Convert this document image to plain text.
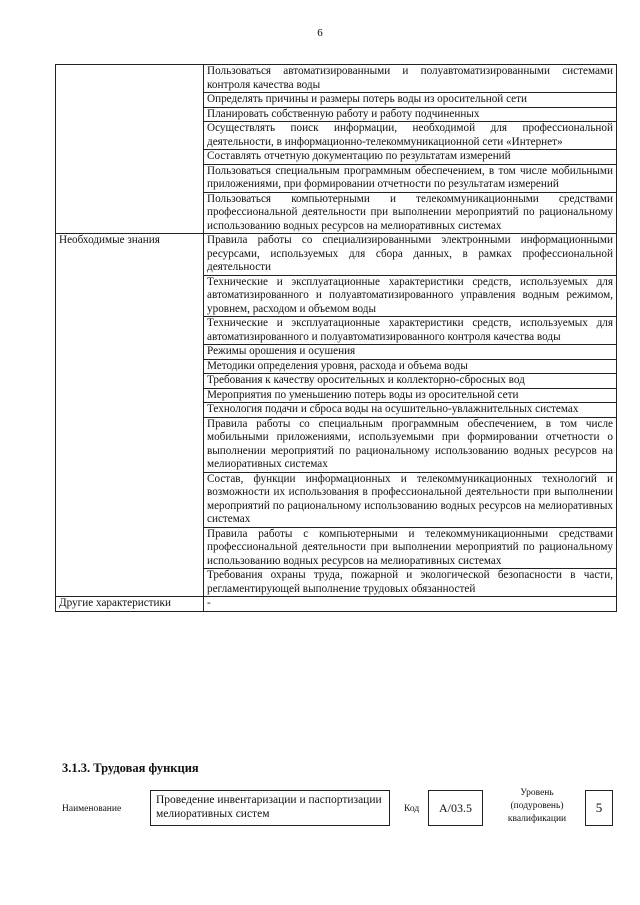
6
	Пользоваться автоматизированными и полуавтоматизированными системами контроля качества воды
	Определять причины и размеры потерь воды из оросительной сети
	Планировать собственную работу и работу подчиненных
	Осуществлять поиск информации, необходимой для профессиональной деятельности, в информационно-телекоммуникационной сети «Интернет»
	Составлять отчетную документацию по результатам измерений
	Пользоваться специальным программным обеспечением, в том числе мобильными приложениями, при формировании отчетности по результатам измерений
	Пользоваться компьютерными и телекоммуникационными средствами профессиональной деятельности при выполнении мероприятий по рациональному использованию водных ресурсов на мелиоративных системах
Необходимые знания	Правила работы со специализированными электронными информационными ресурсами, используемых для сбора данных, в рамках профессиональной деятельности
	Технические и эксплуатационные характеристики средств, используемых для автоматизированного и полуавтоматизированного управления водным режимом, уровнем, расходом и объемом воды
	Технические и эксплуатационные характеристики средств, используемых для автоматизированного и полуавтоматизированного контроля качества воды
	Режимы орошения и осушения
	Методики определения уровня, расхода и объема воды
	Требования к качеству оросительных и коллекторно-сбросных вод
	Мероприятия по уменьшению потерь воды из оросительной сети
	Технология подачи и сброса воды на осушительно-увлажнительных системах
	Правила работы со специальным программным обеспечением, в том числе мобильными приложениями, используемыми при формировании отчетности о выполнении мероприятий по рациональному использованию водных ресурсов на мелиоративных системах
	Состав, функции информационных и телекоммуникационных технологий и возможности их использования в профессиональной деятельности при выполнении мероприятий по рациональному использованию водных ресурсов на мелиоративных системах
	Правила работы с компьютерными и телекоммуникационными средствами профессиональной деятельности при выполнении мероприятий по рациональному использованию водных ресурсов на мелиоративных системах
	Требования охраны труда, пожарной и экологической безопасности в части, регламентирующей выполнение трудовых обязанностей
Другие характеристики	-
3.1.3. Трудовая функция
Наименование
Проведение инвентаризации и паспортизации мелиоративных систем	Код	А/03.5
Уровень (подуровень) квалификации
5
